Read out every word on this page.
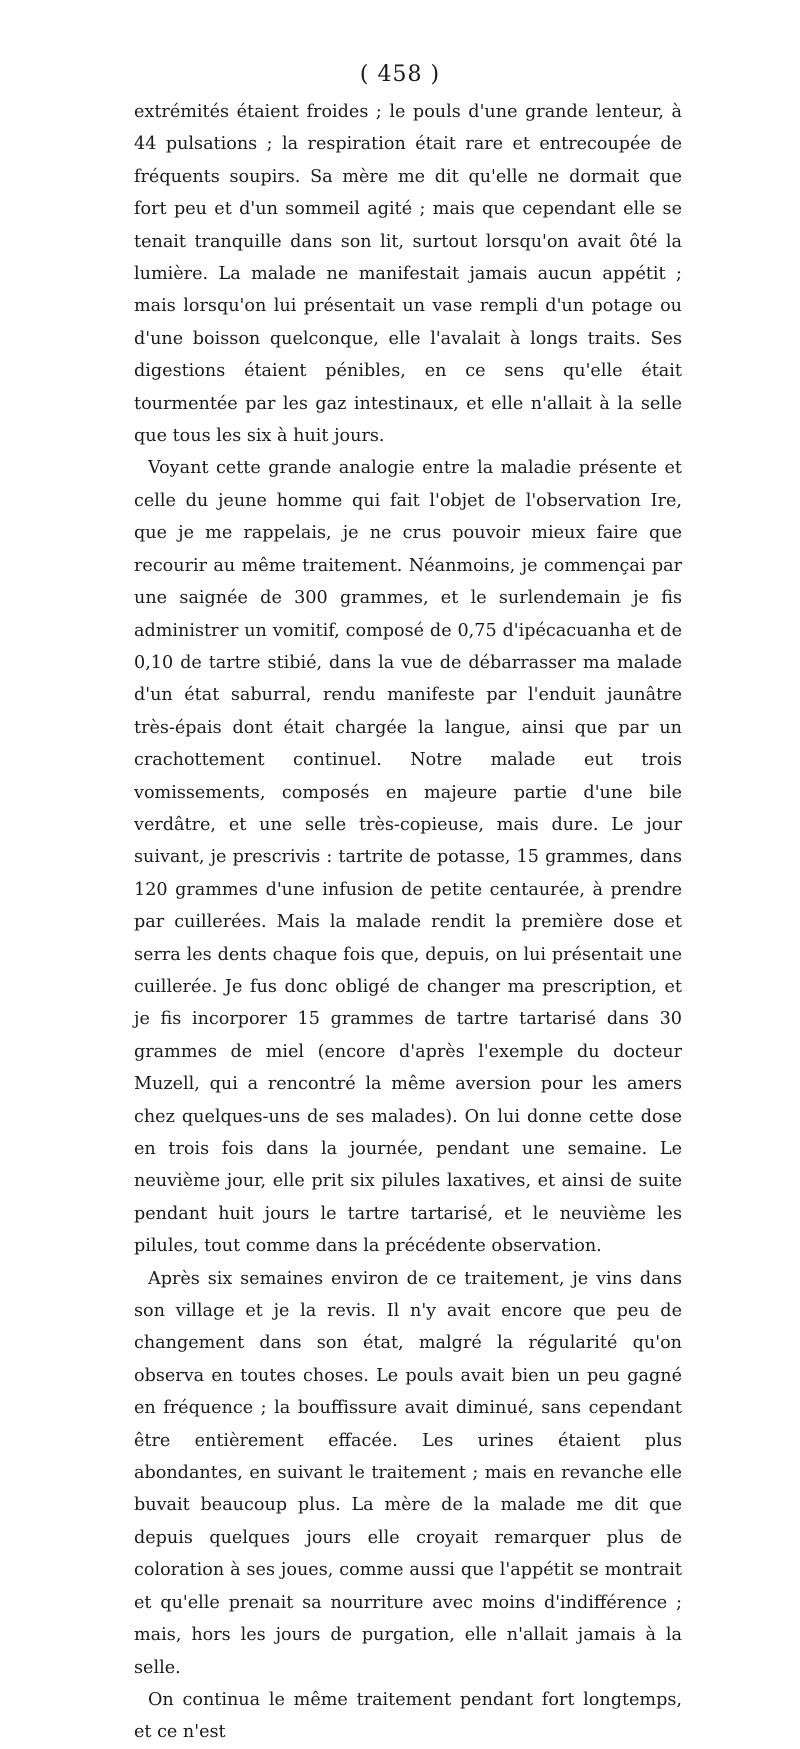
( 458 )

extrémités étaient froides ; le pouls d'une grande lenteur, à 44 pulsations ; la respiration était rare et entrecoupée de fréquents soupirs. Sa mère me dit qu'elle ne dormait que fort peu et d'un sommeil agité ; mais que cependant elle se tenait tranquille dans son lit, surtout lorsqu'on avait ôté la lumière. La malade ne manifestait jamais aucun appétit ; mais lorsqu'on lui présentait un vase rempli d'un potage ou d'une boisson quelconque, elle l'avalait à longs traits. Ses digestions étaient pénibles, en ce sens qu'elle était tourmentée par les gaz intestinaux, et elle n'allait à la selle que tous les six à huit jours.

Voyant cette grande analogie entre la maladie présente et celle du jeune homme qui fait l'objet de l'observation Ire, que je me rappelais, je ne crus pouvoir mieux faire que recourir au même traitement. Néanmoins, je commençai par une saignée de 300 grammes, et le surlendemain je fis administrer un vomitif, composé de 0,75 d'ipécacuanha et de 0,10 de tartre stibié, dans la vue de débarrasser ma malade d'un état saburral, rendu manifeste par l'enduit jaunâtre très-épais dont était chargée la langue, ainsi que par un crachottement continuel. Notre malade eut trois vomissements, composés en majeure partie d'une bile verdâtre, et une selle très-copieuse, mais dure. Le jour suivant, je prescrivis : tartrite de potasse, 15 grammes, dans 120 grammes d'une infusion de petite centaurée, à prendre par cuillerées. Mais la malade rendit la première dose et serra les dents chaque fois que, depuis, on lui présentait une cuillerée. Je fus donc obligé de changer ma prescription, et je fis incorporer 15 grammes de tartre tartarisé dans 30 grammes de miel (encore d'après l'exemple du docteur Muzell, qui a rencontré la même aversion pour les amers chez quelques-uns de ses malades). On lui donne cette dose en trois fois dans la journée, pendant une semaine. Le neuvième jour, elle prit six pilules laxatives, et ainsi de suite pendant huit jours le tartre tartarisé, et le neuvième les pilules, tout comme dans la précédente observation.

Après six semaines environ de ce traitement, je vins dans son village et je la revis. Il n'y avait encore que peu de changement dans son état, malgré la régularité qu'on observa en toutes choses. Le pouls avait bien un peu gagné en fréquence ; la bouffissure avait diminué, sans cependant être entièrement effacée. Les urines étaient plus abondantes, en suivant le traitement ; mais en revanche elle buvait beaucoup plus. La mère de la malade me dit que depuis quelques jours elle croyait remarquer plus de coloration à ses joues, comme aussi que l'appétit se montrait et qu'elle prenait sa nourriture avec moins d'indifférence ; mais, hors les jours de purgation, elle n'allait jamais à la selle.

On continua le même traitement pendant fort longtemps, et ce n'est
